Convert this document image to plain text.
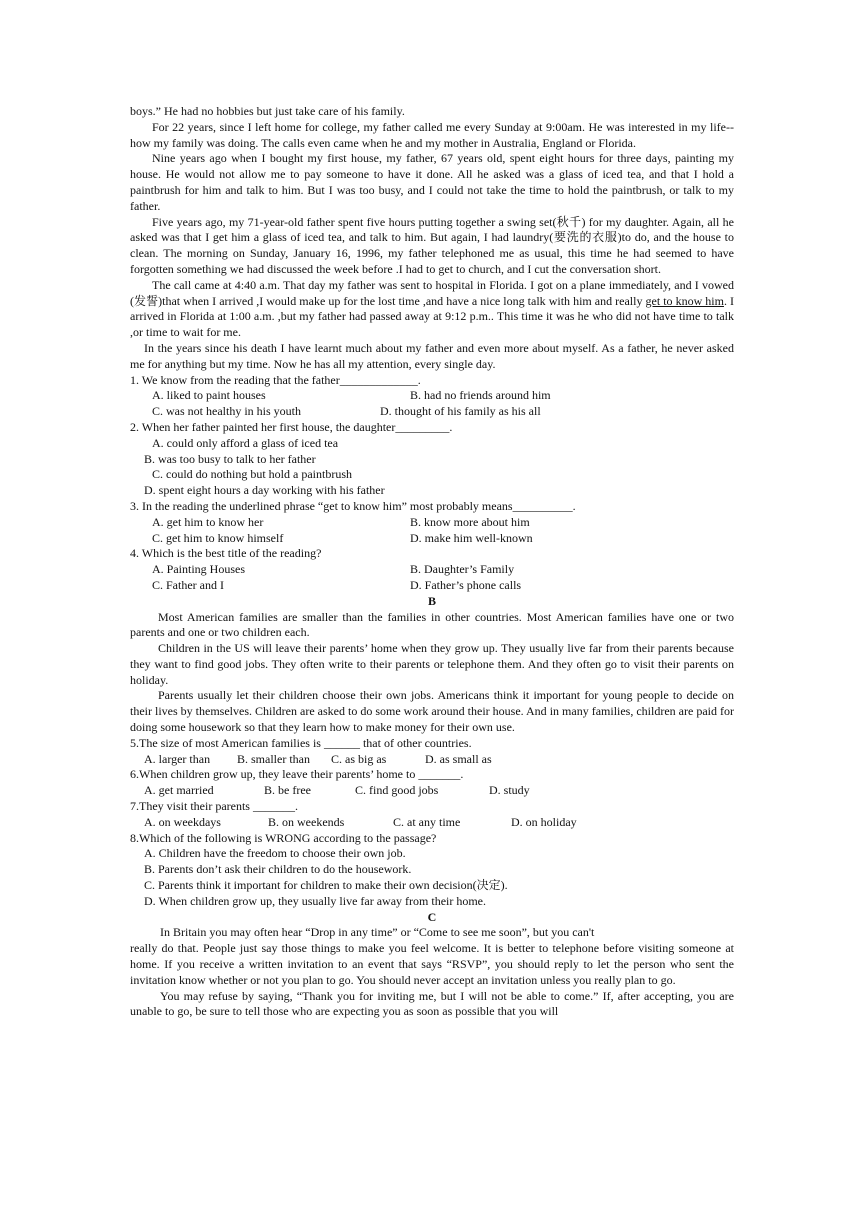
boys.” He had no hobbies but just take care of his family.

For 22 years, since I left home for college, my father called me every Sunday at 9:00am. He was interested in my life--how my family was doing. The calls even came when he and my mother in Australia, England or Florida.

Nine years ago when I bought my first house, my father, 67 years old, spent eight hours for three days, painting my house. He would not allow me to pay someone to have it done. All he asked was a glass of iced tea, and that I hold a paintbrush for him and talk to him. But I was too busy, and I could not take the time to hold the paintbrush, or talk to my father.

Five years ago, my 71-year-old father spent five hours putting together a swing set(秋千) for my daughter. Again, all he asked was that I get him a glass of iced tea, and talk to him. But again, I had laundry(要洗的衣服)to do, and the house to clean. The morning on Sunday, January 16, 1996, my father telephoned me as usual, this time he had seemed to have forgotten something we had discussed the week before .I had to get to church, and I cut the conversation short.

The call came at 4:40 a.m. That day my father was sent to hospital in Florida. I got on a plane immediately, and I vowed (发誓)that when I arrived ,I would make up for the lost time ,and have a nice long talk with him and really get to know him. I arrived in Florida at 1:00 a.m. ,but my father had passed away at 9:12 p.m.. This time it was he who did not have time to talk ,or time to wait for me.

In the years since his death I have learnt much about my father and even more about myself. As a father, he never asked me for anything but my time. Now he has all my attention, every single day.

1. We know from the reading that the father_____________.

A. liked to paint houses	B. had no friends around him
C. was not healthy in his youth	D. thought of his family as his all

2. When her father painted her first house, the daughter_________.

A. could only afford a glass of iced tea

B. was too busy to talk to her father

C. could do nothing but hold a paintbrush

D. spent eight hours a day working with his father

3. In the reading the underlined phrase “get to know him” most probably means__________.

A. get him to know her	B. know more about him
C. get him to know himself	D. make him well-known

4. Which is the best title of the reading?

A. Painting Houses	B. Daughter’s Family
C. Father and I	D. Father’s phone calls

B

Most American families are smaller than the families in other countries. Most American families have one or two parents and one or two children each.

Children in the US will leave their parents’ home when they grow up. They usually live far from their parents because they want to find good jobs. They often write to their parents or telephone them. And they often go to visit their parents on holiday.

Parents usually let their children choose their own jobs. Americans think it important for young people to decide on their lives by themselves. Children are asked to do some work around their house. And in many families, children are paid for doing some housework so that they learn how to make money for their own use.

5.The size of most American families is ______ that of other countries.

A. larger than	B. smaller than	C. as big as	D. as small as

6.When children grow up, they leave their parents’ home to _______.

A. get married	B. be free	C. find good jobs	D. study

7.They visit their parents _______.

A. on weekdays	B. on weekends	C. at any time	D. on holiday

8.Which of the following is WRONG according to the passage?

A. Children have the freedom to choose their own job.

B. Parents don’t ask their children to do the housework.

C. Parents think it important for children to make their own decision(决定).

D. When children grow up, they usually live far away from their home.

C

In Britain you may often hear “Drop in any time” or “Come to see me soon”, but you can't

really do that. People just say those things to make you feel welcome. It is better to telephone before visiting someone at home. If you receive a written invitation to an event that says “RSVP”, you should reply to let the person who sent the invitation know whether or not you plan to go. You should never accept an invitation unless you really plan to go.

You may refuse by saying, “Thank you for inviting me, but I will not be able to come.” If, after accepting, you are unable to go, be sure to tell those who are expecting you as soon as possible that you will
